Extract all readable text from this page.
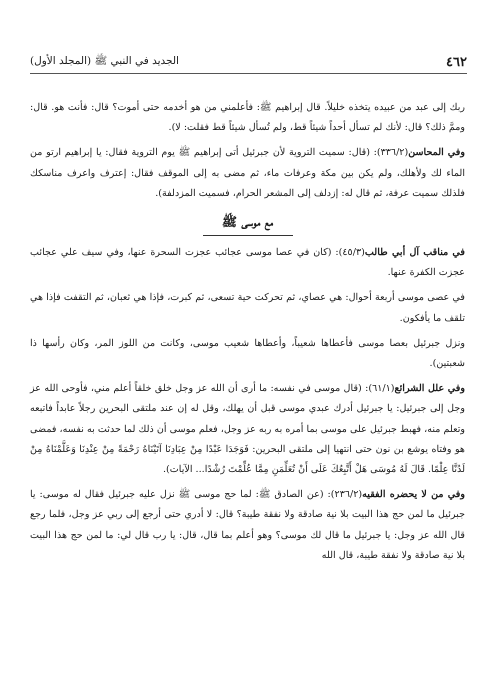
٤٦٢
الجديد في النبي ﷺ (المجلد الأول)

ربك إلى عبد من عبيده يتخذه خليلاً. قال إبراهيم ﷺ: فأعلمني من هو أخدمه حتى أموت؟ قال: فأنت هو. قال: وممَّ ذلك؟ قال: لأنك لم تسأل أحداً شيئاً قط، ولم تُسأل شيئاً قط فقلت: لا).

وفي المحاسن(٣٣٦/٢): (قال: سميت التروية لأن جبرئيل أتى إبراهيم ﷺ يوم التروية فقال: يا إبراهيم ارتو من الماء لك ولأهلك، ولم يكن بين مكة وعرفات ماء، ثم مضى به إلى الموقف فقال: إعترف واعرف مناسكك فلذلك سميت عرفة، ثم قال له: إزدلف إلى المشعر الحرام، فسميت المزدلفة).

مع موسى ﷺ

في مناقب آل أبي طالب(٤٥/٣): (كان في عصا موسى عجائب عجزت السحرة عنها، وفي سيف علي عجائب عجزت الكفرة عنها.

في عصى موسى أربعة أحوال: هي عصاي، ثم تحركت حية تسعى، ثم كبرت، فإذا هي ثعبان، ثم التقفت فإذا هي تلقف ما يأفكون.

ونزل جبرئيل بعصا موسى فأعطاها شعيباً، وأعطاها شعيب موسى، وكانت من اللوز المر، وكان رأسها ذا شعبتين).

وفي علل الشرائع(٦١/١): (قال موسى في نفسه: ما أرى أن الله عز وجل خلق خلقاً أعلم مني، فأوحى الله عز وجل إلى جبرئيل: يا جبرئيل أدرك عبدي موسى قبل أن يهلك، وقل له إن عند ملتقى البحرين رجلاً عابداً فاتبعه وتعلم منه، فهبط جبرئيل على موسى بما أمره به ربه عز وجل، فعلم موسى أن ذلك لما حدثت به نفسه، فمضى هو وفتاه يوشع بن نون حتى انتهيا إلى ملتقى البحرين: فَوَجَدَا عَبْدًا مِنْ عِبَادِنَا آتَيْنَاهُ رَحْمَةً مِنْ عِنْدِنَا وَعَلَّمْنَاهُ مِنْ لَدُنَّا عِلْمًا. قَالَ لَهُ مُوسَى هَلْ أَتَّبِعُكَ عَلَى أَنْ تُعَلِّمَنِ مِمَّا عُلِّمْتَ رُشْدًا... الآيات).

وفي من لا يحضره الفقيه(٢٣٦/٢): (عن الصادق ﷺ: لما حج موسى ﷺ نزل عليه جبرئيل فقال له موسى: يا جبرئيل ما لمن حج هذا البيت بلا نية صادقة ولا نفقة طيبة؟ قال: لا أدري حتى أرجع إلى ربي عز وجل، فلما رجع قال الله عز وجل: يا جبرئيل ما قال لك موسى؟ وهو أعلم بما قال، قال: يا رب قال لي: ما لمن حج هذا البيت بلا نية صادقة ولا نفقة طيبة، قال الله
